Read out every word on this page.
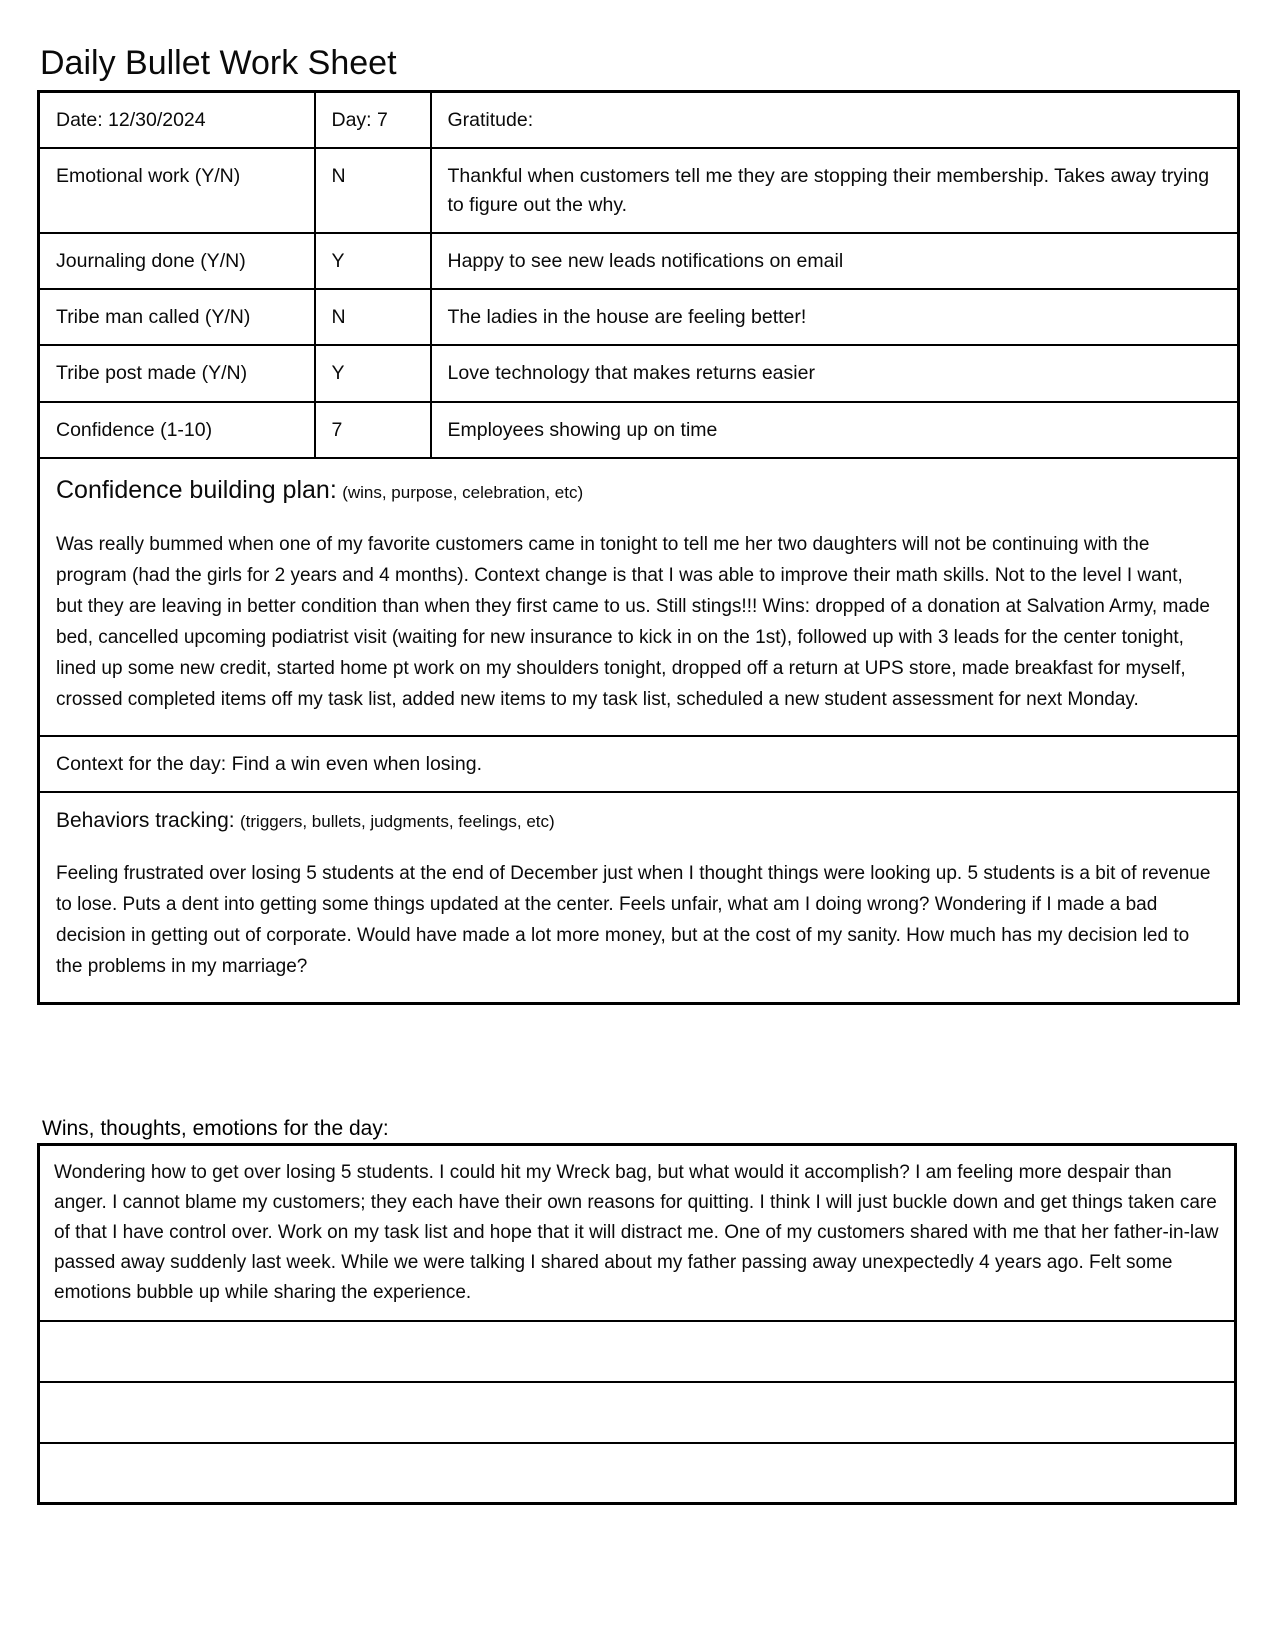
Daily Bullet Work Sheet
Date: 12/30/2024	Day: 7	Gratitude:
Emotional work (Y/N)	N	Thankful when customers tell me they are stopping their membership. Takes away trying to figure out the why.
Journaling done (Y/N)	Y	Happy to see new leads notifications on email
Tribe man called (Y/N)	N	The ladies in the house are feeling better!
Tribe post made (Y/N)	Y	Love technology that makes returns easier
Confidence (1-10)	7	Employees showing up on time
Confidence building plan: (wins, purpose, celebration, etc)

Was really bummed when one of my favorite customers came in tonight to tell me her two daughters will not be continuing with the program (had the girls for 2 years and 4 months). Context change is that I was able to improve their math skills. Not to the level I want, but they are leaving in better condition than when they first came to us. Still stings!!! Wins: dropped of a donation at Salvation Army, made bed, cancelled upcoming podiatrist visit (waiting for new insurance to kick in on the 1st), followed up with 3 leads for the center tonight, lined up some new credit, started home pt work on my shoulders tonight, dropped off a return at UPS store, made breakfast for myself, crossed completed items off my task list, added new items to my task list, scheduled a new student assessment for next Monday.		

Context for the day: Find a win even when losing.		
Behaviors tracking: (triggers, bullets, judgments, feelings, etc)

Feeling frustrated over losing 5 students at the end of December just when I thought things were looking up. 5 students is a bit of revenue to lose. Puts a dent into getting some things updated at the center. Feels unfair, what am I doing wrong? Wondering if I made a bad decision in getting out of corporate. Would have made a lot more money, but at the cost of my sanity. How much has my decision led to the problems in my marriage?		

Wins, thoughts, emotions for the day:
Wondering how to get over losing 5 students. I could hit my Wreck bag, but what would it accomplish? I am feeling more despair than anger. I cannot blame my customers; they each have their own reasons for quitting. I think I will just buckle down and get things taken care of that I have control over. Work on my task list and hope that it will distract me. One of my customers shared with me that her father-in-law passed away suddenly last week. While we were talking I shared about my father passing away unexpectedly 4 years ago. Felt some emotions bubble up while sharing the experience.
